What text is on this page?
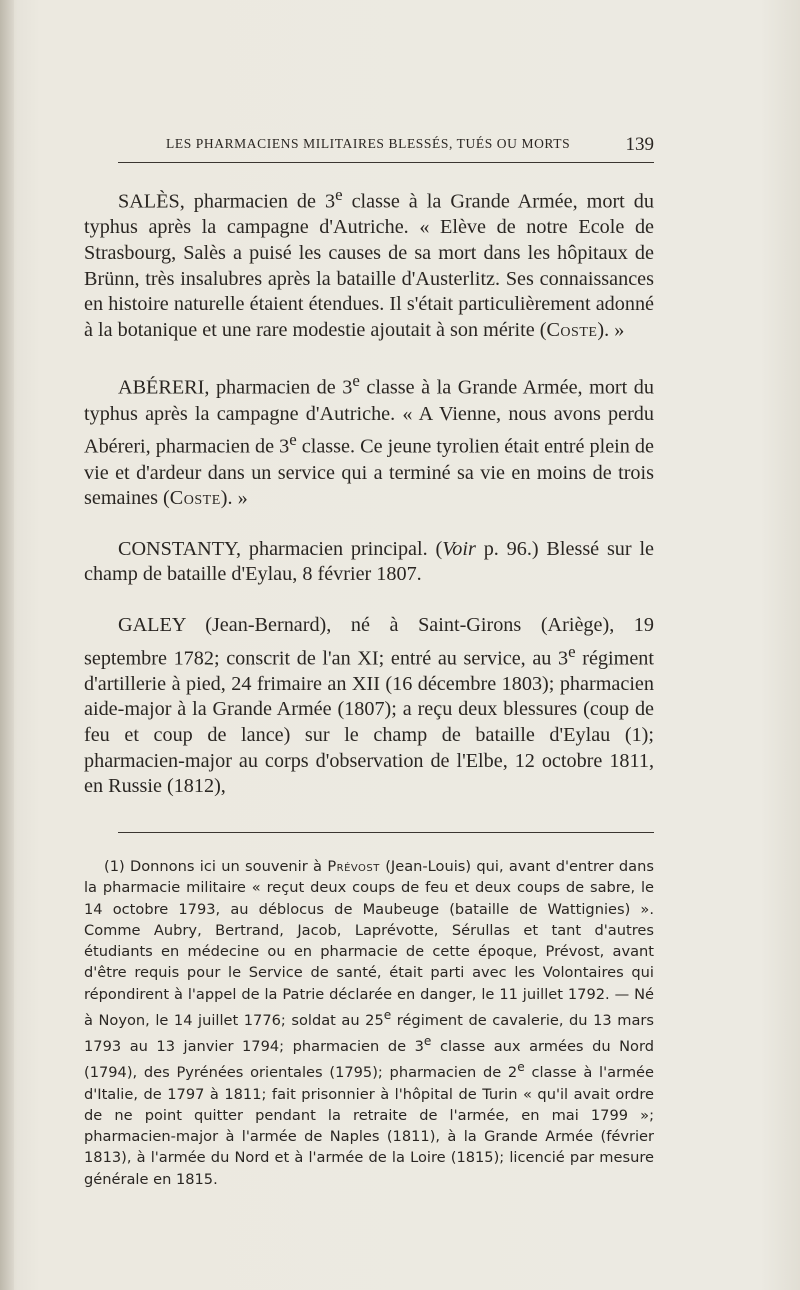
LES PHARMACIENS MILITAIRES BLESSÉS, TUÉS OU MORTS	139

SALÈS, pharmacien de 3e classe à la Grande Armée, mort du typhus après la campagne d'Autriche. « Elève de notre Ecole de Strasbourg, Salès a puisé les causes de sa mort dans les hôpitaux de Brünn, très insalubres après la bataille d'Austerlitz. Ses connaissances en histoire naturelle étaient étendues. Il s'était particulièrement adonné à la botanique et une rare modestie ajoutait à son mérite (Coste). »

ABÉRERI, pharmacien de 3e classe à la Grande Armée, mort du typhus après la campagne d'Autriche. « A Vienne, nous avons perdu Abéreri, pharmacien de 3e classe. Ce jeune tyrolien était entré plein de vie et d'ardeur dans un service qui a terminé sa vie en moins de trois semaines (Coste). »

CONSTANTY, pharmacien principal. (Voir p. 96.) Blessé sur le champ de bataille d'Eylau, 8 février 1807.

GALEY (Jean-Bernard), né à Saint-Girons (Ariège), 19 septembre 1782; conscrit de l'an XI; entré au service, au 3e régiment d'artillerie à pied, 24 frimaire an XII (16 décembre 1803); pharmacien aide-major à la Grande Armée (1807); a reçu deux blessures (coup de feu et coup de lance) sur le champ de bataille d'Eylau (1); pharmacien-major au corps d'observation de l'Elbe, 12 octobre 1811, en Russie (1812),

(1) Donnons ici un souvenir à Prévost (Jean-Louis) qui, avant d'entrer dans la pharmacie militaire « reçut deux coups de feu et deux coups de sabre, le 14 octobre 1793, au déblocus de Maubeuge (bataille de Wattignies) ». Comme Aubry, Bertrand, Jacob, Laprévotte, Sérullas et tant d'autres étudiants en médecine ou en pharmacie de cette époque, Prévost, avant d'être requis pour le Service de santé, était parti avec les Volontaires qui répondirent à l'appel de la Patrie déclarée en danger, le 11 juillet 1792. — Né à Noyon, le 14 juillet 1776; soldat au 25e régiment de cavalerie, du 13 mars 1793 au 13 janvier 1794; pharmacien de 3e classe aux armées du Nord (1794), des Pyrénées orientales (1795); pharmacien de 2e classe à l'armée d'Italie, de 1797 à 1811; fait prisonnier à l'hôpital de Turin « qu'il avait ordre de ne point quitter pendant la retraite de l'armée, en mai 1799 »; pharmacien-major à l'armée de Naples (1811), à la Grande Armée (février 1813), à l'armée du Nord et à l'armée de la Loire (1815); licencié par mesure générale en 1815.
